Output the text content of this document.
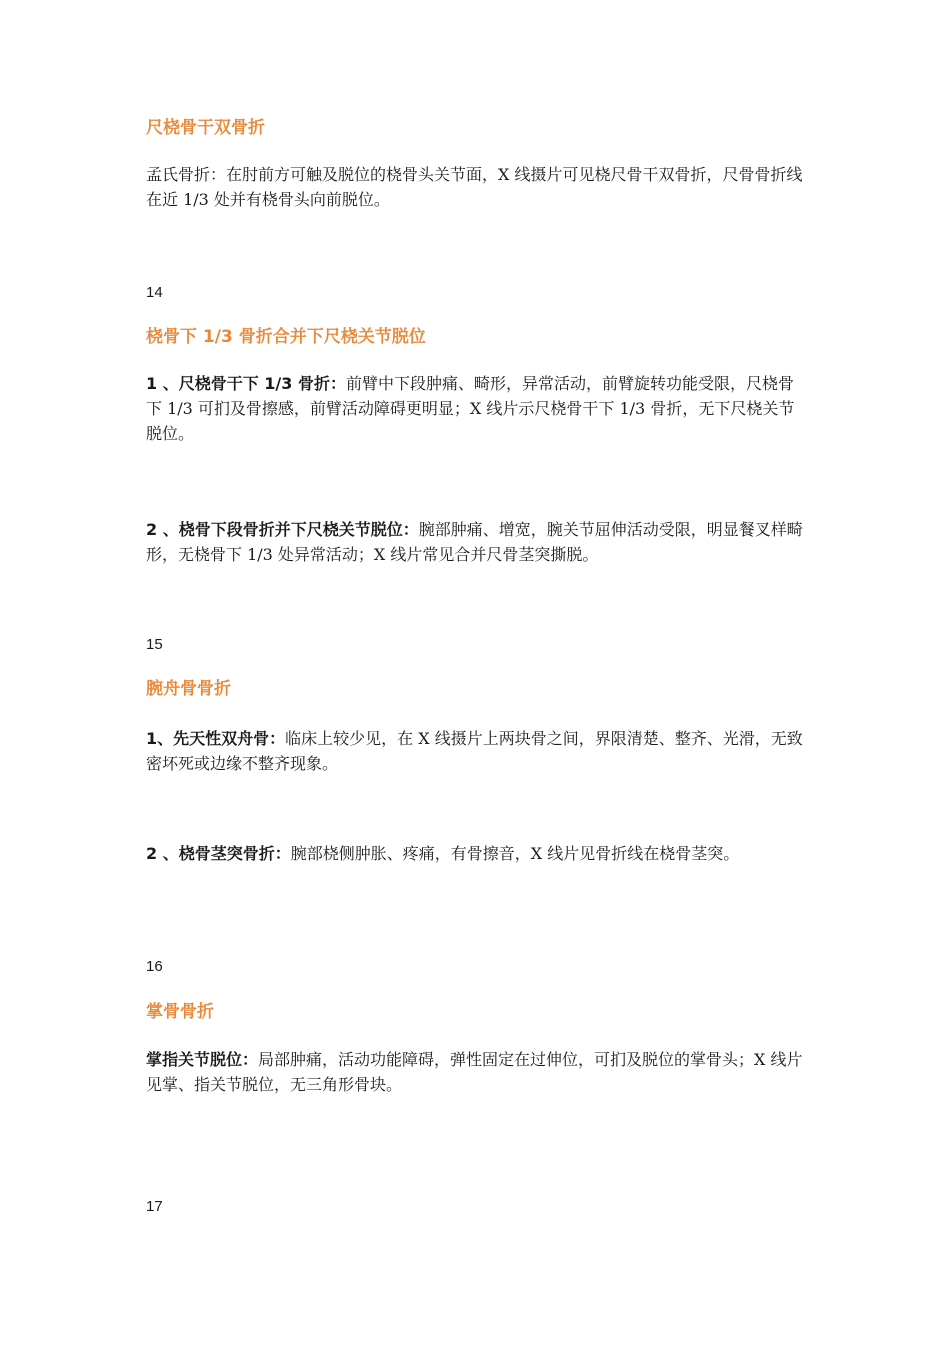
尺桡骨干双骨折
孟氏骨折：在肘前方可触及脱位的桡骨头关节面，X 线摄片可见桡尺骨干双骨折，尺骨骨折线在近 1/3 处并有桡骨头向前脱位。
14
桡骨下 1/3 骨折合并下尺桡关节脱位
1 、尺桡骨干下 1/3 骨折：前臂中下段肿痛、畸形，异常活动，前臂旋转功能受限，尺桡骨下 1/3 可扪及骨擦感，前臂活动障碍更明显；X 线片示尺桡骨干下 1/3 骨折，无下尺桡关节脱位。
2 、桡骨下段骨折并下尺桡关节脱位：腕部肿痛、增宽，腕关节屈伸活动受限，明显餐叉样畸形，无桡骨下 1/3 处异常活动；X 线片常见合并尺骨茎突撕脱。
15
腕舟骨骨折
1、先天性双舟骨：临床上较少见，在 X 线摄片上两块骨之间，界限清楚、整齐、光滑，无致密坏死或边缘不整齐现象。
2 、桡骨茎突骨折：腕部桡侧肿胀、疼痛，有骨擦音，X 线片见骨折线在桡骨茎突。
16
掌骨骨折
掌指关节脱位：局部肿痛，活动功能障碍，弹性固定在过伸位，可扪及脱位的掌骨头；X 线片见掌、指关节脱位，无三角形骨块。
17
